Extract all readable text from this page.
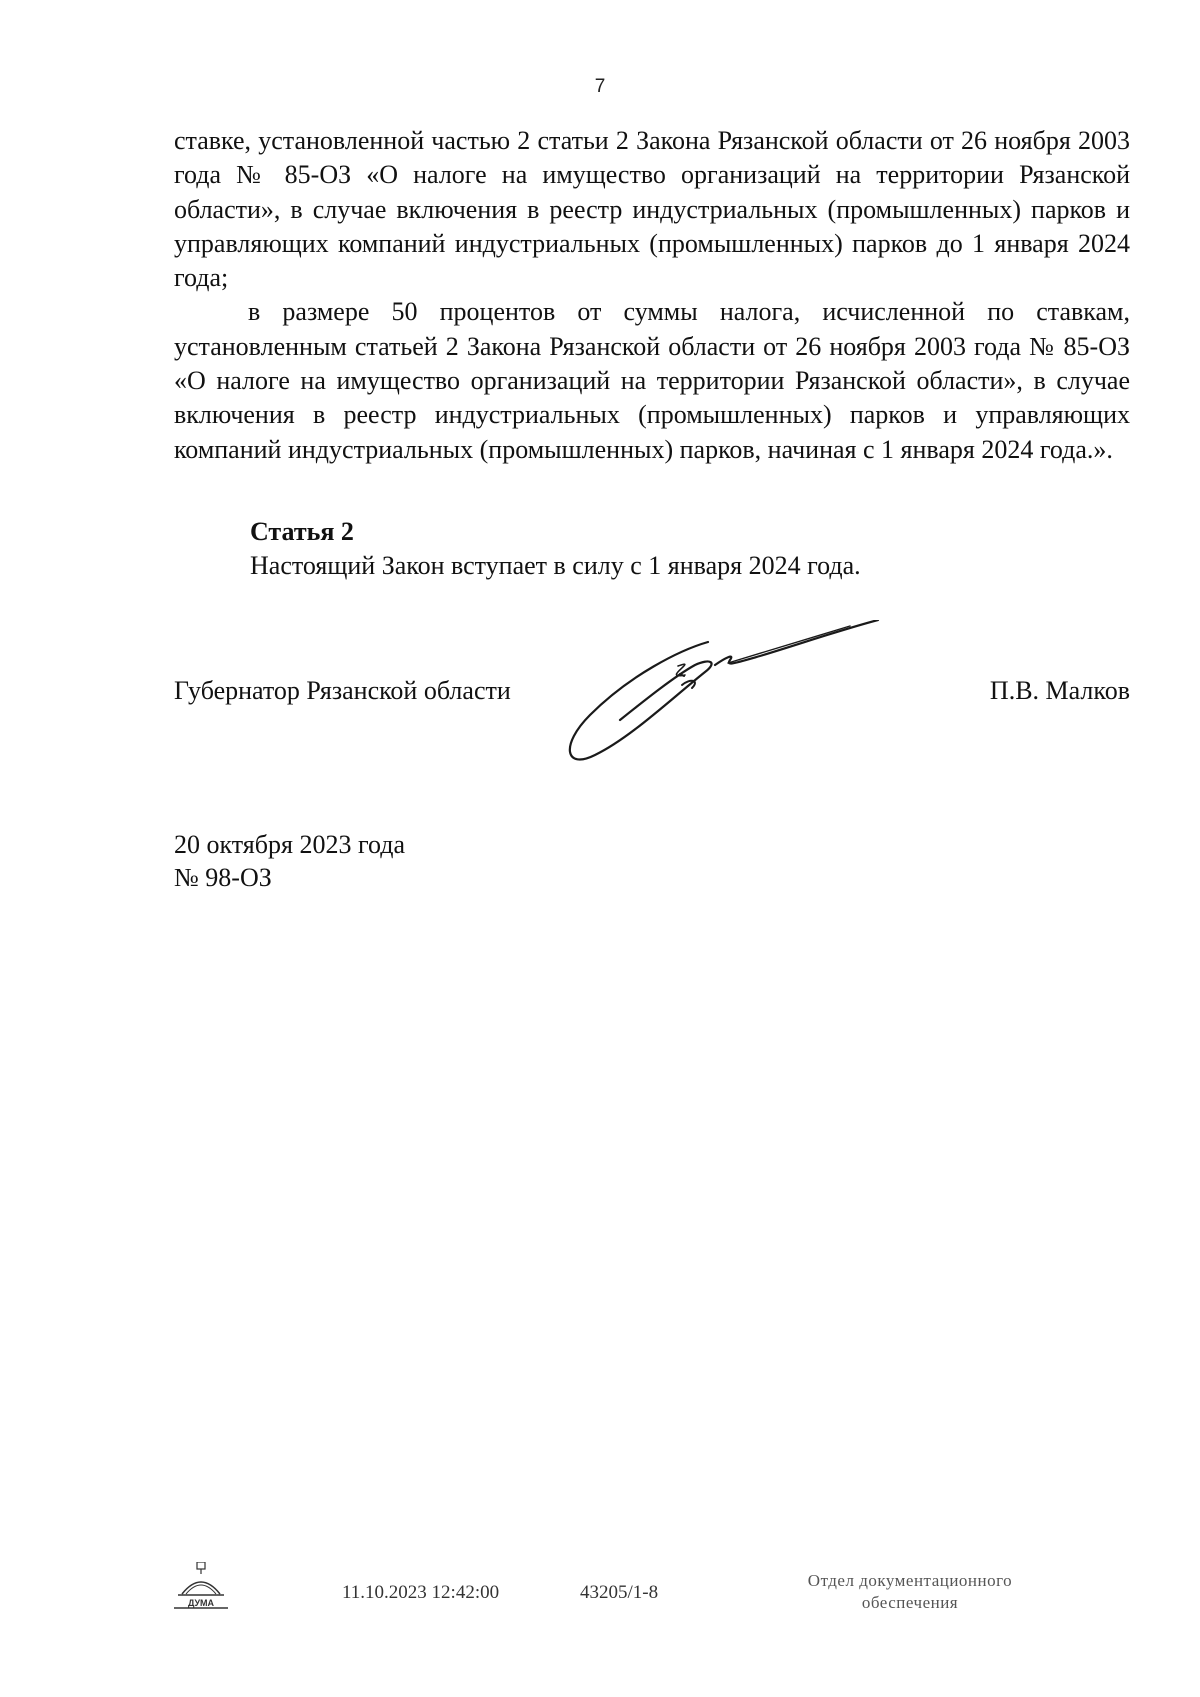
7

ставке, установленной частью 2 статьи 2 Закона Рязанской области от 26 ноября 2003 года № 85-ОЗ «О налоге на имущество организаций на территории Рязанской области», в случае включения в реестр индустриальных (промышленных) парков и управляющих компаний индустриальных (промышленных) парков до 1 января 2024 года;

в размере 50 процентов от суммы налога, исчисленной по ставкам, установленным статьей 2 Закона Рязанской области от 26 ноября 2003 года № 85-ОЗ «О налоге на имущество организаций на территории Рязанской области», в случае включения в реестр индустриальных (промышленных) парков и управляющих компаний индустриальных (промышленных) парков, начиная с 1 января 2024 года.».

Статья 2

Настоящий Закон вступает в силу с 1 января 2024 года.

Губернатор Рязанской области	П.В. Малков
20 октября 2023 года
№ 98-ОЗ
ДУМА	11.10.2023 12:42:00	43205/1-8
Отдел документационного
обеспечения
